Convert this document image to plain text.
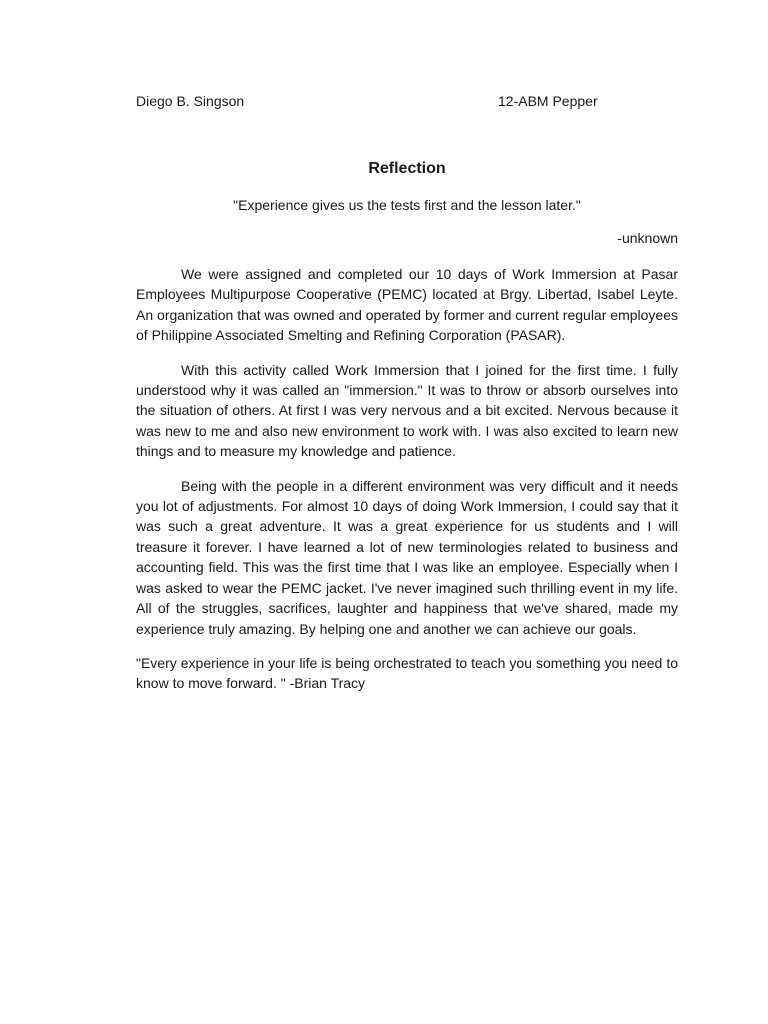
Diego B. Singson	12-ABM Pepper
Reflection
"Experience gives us the tests first and the lesson later."
-unknown

We were assigned and completed our 10 days of Work Immersion at Pasar Employees Multipurpose Cooperative (PEMC) located at Brgy. Libertad, Isabel Leyte. An organization that was owned and operated by former and current regular employees of Philippine Associated Smelting and Refining Corporation (PASAR).

With this activity called Work Immersion that I joined for the first time. I fully understood why it was called an "immersion." It was to throw or absorb ourselves into the situation of others. At first I was very nervous and a bit excited. Nervous because it was new to me and also new environment to work with. I was also excited to learn new things and to measure my knowledge and patience.

Being with the people in a different environment was very difficult and it needs you lot of adjustments. For almost 10 days of doing Work Immersion, I could say that it was such a great adventure. It was a great experience for us students and I will treasure it forever. I have learned a lot of new terminologies related to business and accounting field. This was the first time that I was like an employee. Especially when I was asked to wear the PEMC jacket. I've never imagined such thrilling event in my life. All of the struggles, sacrifices, laughter and happiness that we've shared, made my experience truly amazing. By helping one and another we can achieve our goals.

"Every experience in your life is being orchestrated to teach you something you need to know to move forward. " -Brian Tracy
